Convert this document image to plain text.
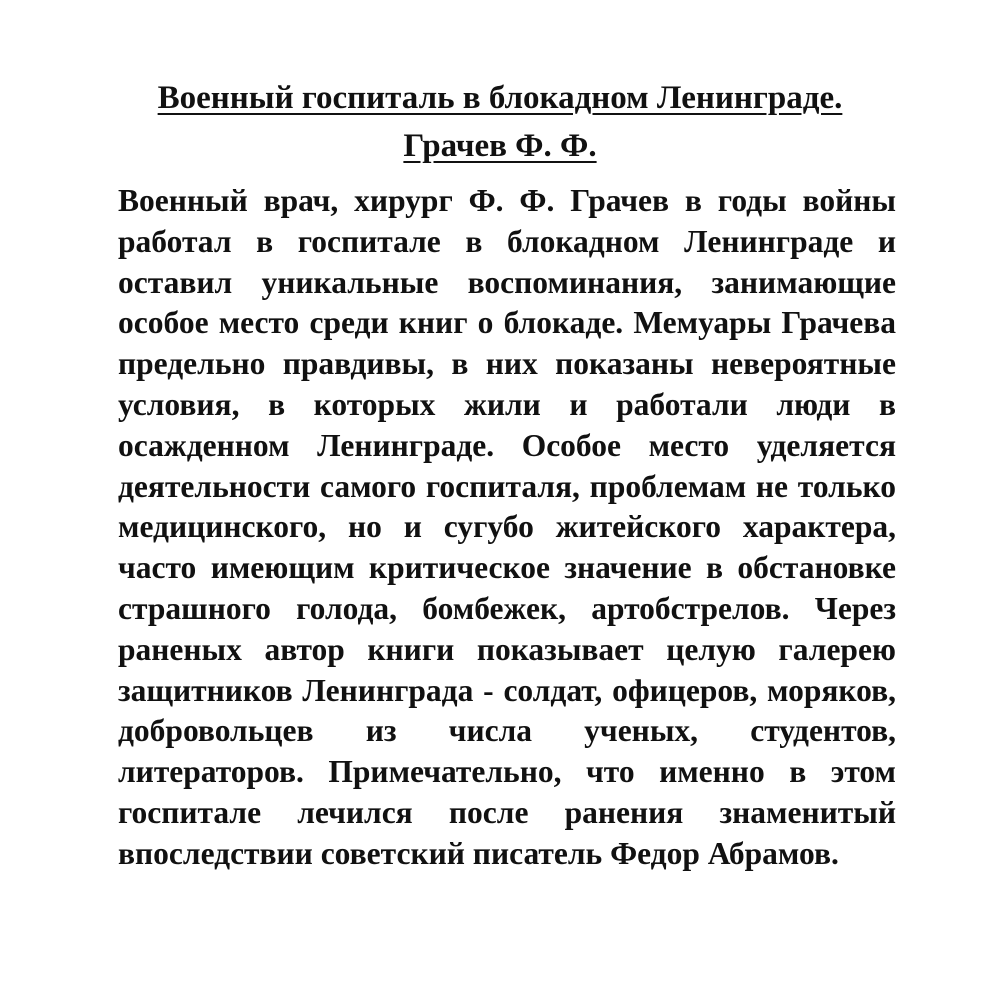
Военный госпиталь в блокадном Ленинграде.
Грачев Ф. Ф.

Военный врач, хирург Ф. Ф. Грачев в годы войны работал в госпитале в блокадном Ленинграде и оставил уникальные воспоминания, занимающие особое место среди книг о блокаде. Мемуары Грачева предельно правдивы, в них показаны невероятные условия, в которых жили и работали люди в осажденном Ленинграде. Особое место уделяется деятельности самого госпиталя, проблемам не только медицинского, но и сугубо житейского характера, часто имеющим критическое значение в обстановке страшного голода, бомбежек, артобстрелов. Через раненых автор книги показывает целую галерею защитников Ленинграда - солдат, офицеров, моряков, добровольцев из числа ученых, студентов, литераторов. Примечательно, что именно в этом госпитале лечился после ранения знаменитый впоследствии советский писатель Федор Абрамов.
